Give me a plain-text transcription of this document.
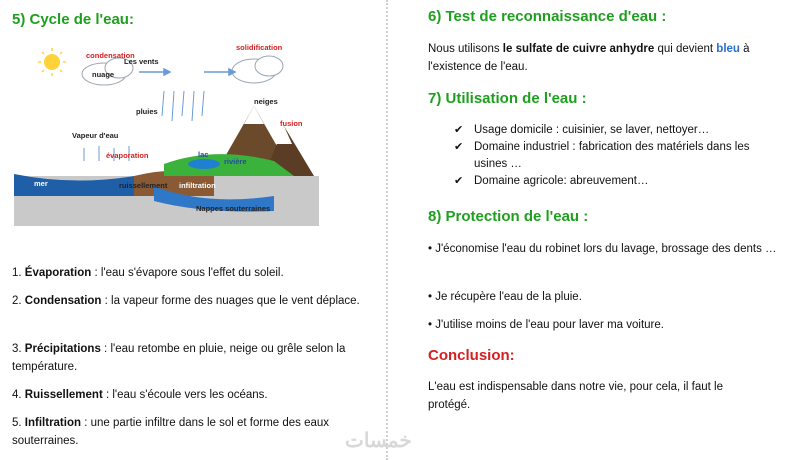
5) Cycle de l'eau:
condensation
Les vents
nuage
solidification
pluies
neiges
fusion
Vapeur d'eau
évaporation	lac
rivière
mer	ruissellement infiltration
Nappes souterraines
1. Évaporation : l'eau s'évapore sous l'effet du soleil.
2. Condensation : la vapeur forme des nuages que le vent déplace.
3. Précipitations : l'eau retombe en pluie, neige ou grêle selon la température.
4. Ruissellement : l'eau s'écoule vers les océans.
5. Infiltration : une partie infiltre dans le sol et forme des eaux souterraines.
6) Test de reconnaissance d'eau :
Nous utilisons le sulfate de cuivre anhydre qui devient bleu à l'existence de l'eau.
7) Utilisation de l'eau :
✔ Usage domicile : cuisinier, se laver, nettoyer…
✔ Domaine industriel : fabrication des matériels dans les usines …
✔ Domaine agricole: abreuvement…
8) Protection de l'eau :
• J'économise l'eau du robinet lors du lavage, brossage des dents …
• Je récupère l'eau de la pluie.
• J'utilise moins de l'eau pour laver ma voiture.
Conclusion:
L'eau est indispensable dans notre vie, pour cela, il faut le protégé.
خمسات
